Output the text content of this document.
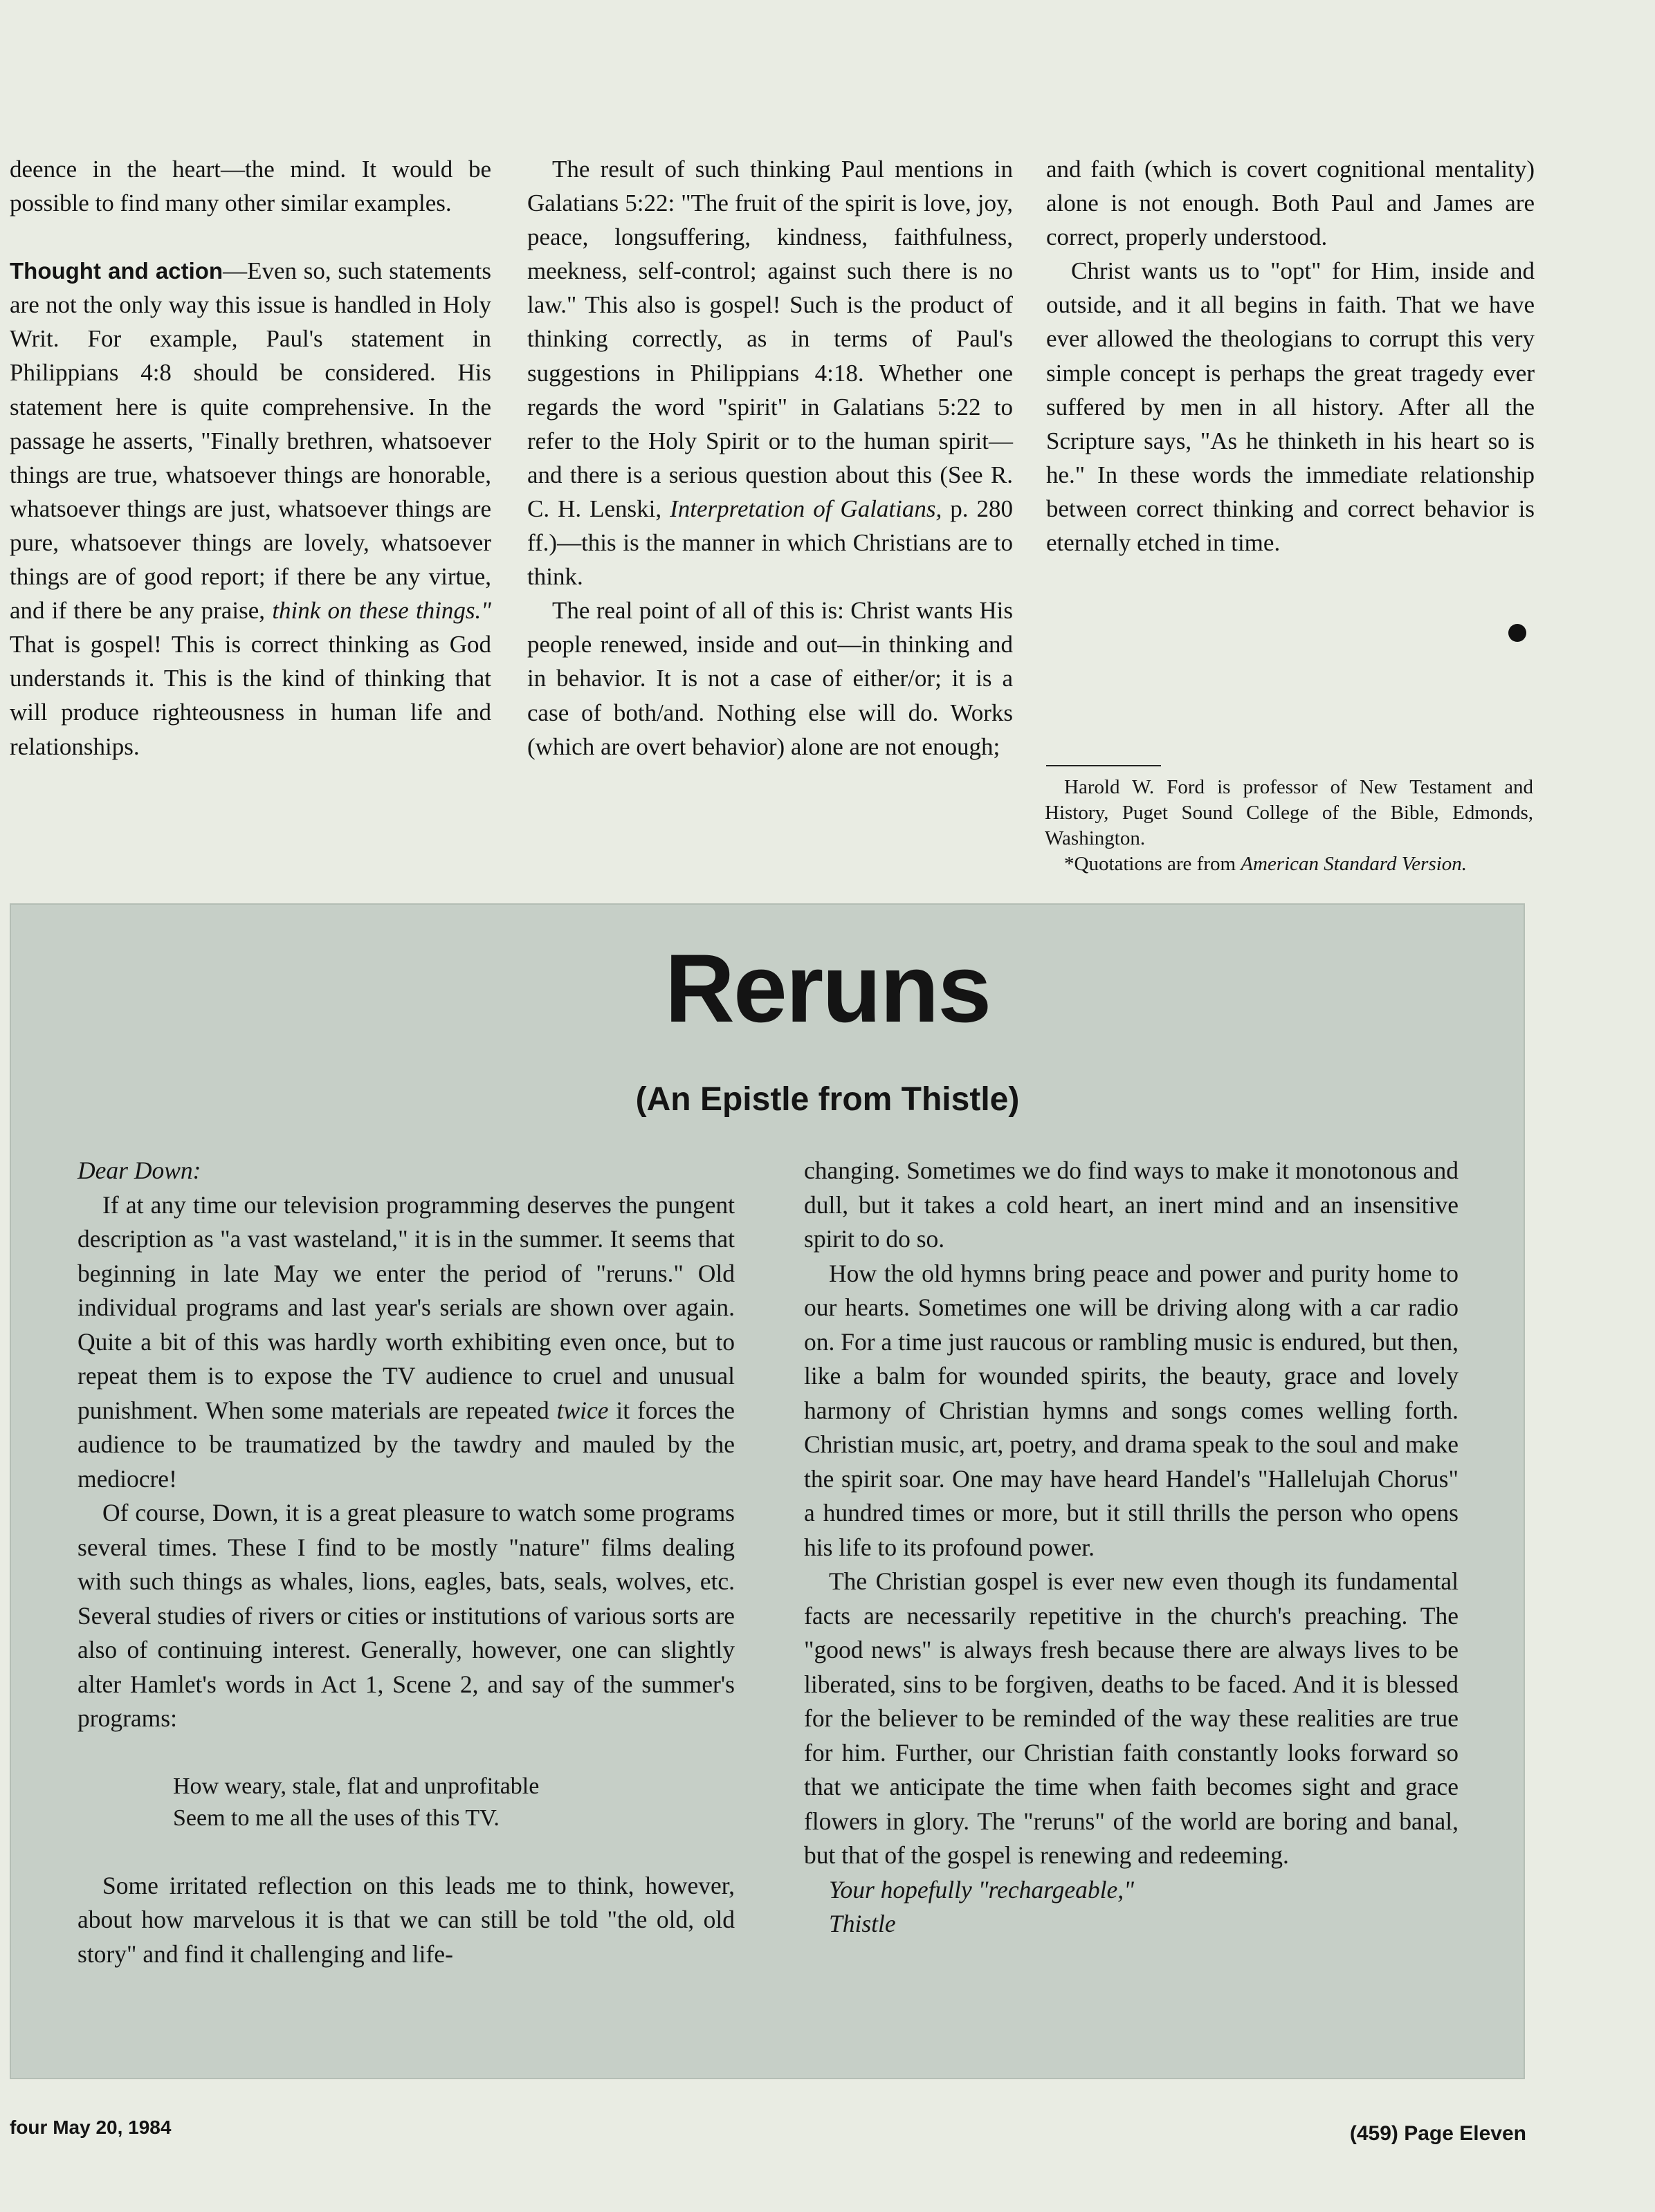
deence in the heart—the mind. It would be possible to find many other similar examples.

Thought and action—Even so, such statements are not the only way this issue is handled in Holy Writ. For example, Paul's statement in Philippians 4:8 should be considered. His statement here is quite comprehensive. In the passage he asserts, "Finally brethren, whatsoever things are true, whatsoever things are honorable, whatsoever things are just, whatsoever things are pure, whatsoever things are lovely, whatsoever things are of good report; if there be any virtue, and if there be any praise, think on these things." That is gospel! This is correct thinking as God understands it. This is the kind of thinking that will produce righteousness in human life and relationships.

The result of such thinking Paul mentions in Galatians 5:22: "The fruit of the spirit is love, joy, peace, longsuffering, kindness, faithfulness, meekness, self-control; against such there is no law." This also is gospel! Such is the product of thinking correctly, as in terms of Paul's suggestions in Philippians 4:18. Whether one regards the word "spirit" in Galatians 5:22 to refer to the Holy Spirit or to the human spirit—and there is a serious question about this (See R. C. H. Lenski, Interpretation of Galatians, p. 280 ff.)—this is the manner in which Christians are to think.

The real point of all of this is: Christ wants His people renewed, inside and out—in thinking and in behavior. It is not a case of either/or; it is a case of both/and. Nothing else will do. Works (which are overt behavior) alone are not enough;

and faith (which is covert cognitional mentality) alone is not enough. Both Paul and James are correct, properly understood.

Christ wants us to "opt" for Him, inside and outside, and it all begins in faith. That we have ever allowed the theologians to corrupt this very simple concept is perhaps the great tragedy ever suffered by men in all history. After all the Scripture says, "As he thinketh in his heart so is he." In these words the immediate relationship between correct thinking and correct behavior is eternally etched in time.

Harold W. Ford is professor of New Testament and History, Puget Sound College of the Bible, Edmonds, Washington.

*Quotations are from American Standard Version.

Reruns
(An Epistle from Thistle)

Dear Down:

If at any time our television programming deserves the pungent description as "a vast wasteland," it is in the summer. It seems that beginning in late May we enter the period of "reruns." Old individual programs and last year's serials are shown over again. Quite a bit of this was hardly worth exhibiting even once, but to repeat them is to expose the TV audience to cruel and unusual punishment. When some materials are repeated twice it forces the audience to be traumatized by the tawdry and mauled by the mediocre!

Of course, Down, it is a great pleasure to watch some programs several times. These I find to be mostly "nature" films dealing with such things as whales, lions, eagles, bats, seals, wolves, etc. Several studies of rivers or cities or institutions of various sorts are also of continuing interest. Generally, however, one can slightly alter Hamlet's words in Act 1, Scene 2, and say of the summer's programs:

How weary, stale, flat and unprofitable
Seem to me all the uses of this TV.

Some irritated reflection on this leads me to think, however, about how marvelous it is that we can still be told "the old, old story" and find it challenging and life-

changing. Sometimes we do find ways to make it monotonous and dull, but it takes a cold heart, an inert mind and an insensitive spirit to do so.

How the old hymns bring peace and power and purity home to our hearts. Sometimes one will be driving along with a car radio on. For a time just raucous or rambling music is endured, but then, like a balm for wounded spirits, the beauty, grace and lovely harmony of Christian hymns and songs comes welling forth. Christian music, art, poetry, and drama speak to the soul and make the spirit soar. One may have heard Handel's "Hallelujah Chorus" a hundred times or more, but it still thrills the person who opens his life to its profound power.

The Christian gospel is ever new even though its fundamental facts are necessarily repetitive in the church's preaching. The "good news" is always fresh because there are always lives to be liberated, sins to be forgiven, deaths to be faced. And it is blessed for the believer to be reminded of the way these realities are true for him. Further, our Christian faith constantly looks forward so that we anticipate the time when faith becomes sight and grace flowers in glory. The "reruns" of the world are boring and banal, but that of the gospel is renewing and redeeming.

Your hopefully "rechargeable,"

Thistle

four May 20, 1984	(459) Page Eleven
